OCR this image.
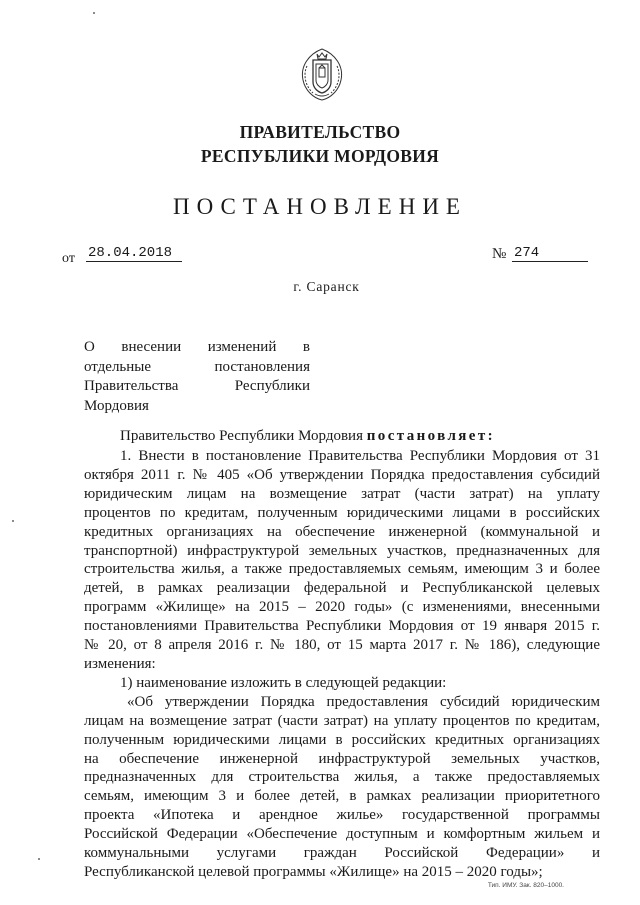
ПРАВИТЕЛЬСТВО
РЕСПУБЛИКИ МОРДОВИЯ
ПОСТАНОВЛЕНИЕ
от 28.04.2018	№ 274
г. Саранск
О внесении изменений в
отдельные постановления
Правительства Республики
Мордовия
Правительство Республики Мордовия постановляет:
1. Внести в постановление Правительства Республики Мордовия от 31
октября 2011 г. № 405 «Об утверждении Порядка предоставления субсидий
юридическим лицам на возмещение затрат (части затрат) на уплату
процентов по кредитам, полученным юридическими лицами в российских
кредитных организациях на обеспечение инженерной (коммунальной и
транспортной) инфраструктурой земельных участков, предназначенных для
строительства жилья, а также предоставляемых семьям, имеющим 3 и более
детей, в рамках реализации федеральной и Республиканской целевых
программ «Жилище» на 2015 – 2020 годы» (с изменениями, внесенными
постановлениями Правительства Республики Мордовия от 19 января 2015 г.
№ 20, от 8 апреля 2016 г. № 180, от 15 марта 2017 г. № 186), следующие
изменения:
1) наименование изложить в следующей редакции:
«Об утверждении Порядка предоставления субсидий юридическим
лицам на возмещение затрат (части затрат) на уплату процентов по кредитам,
полученным юридическими лицами в российских кредитных организациях
на обеспечение инженерной инфраструктурой земельных участков,
предназначенных для строительства жилья, а также предоставляемых
семьям, имеющим 3 и более детей, в рамках реализации приоритетного
проекта «Ипотека и арендное жилье» государственной программы
Российской Федерации «Обеспечение доступным и комфортным жильем и
коммунальными услугами граждан Российской Федерации» и
Республиканской целевой программы «Жилище» на 2015 – 2020 годы»;
Тип. ИМУ. Зак. 820–1000.
